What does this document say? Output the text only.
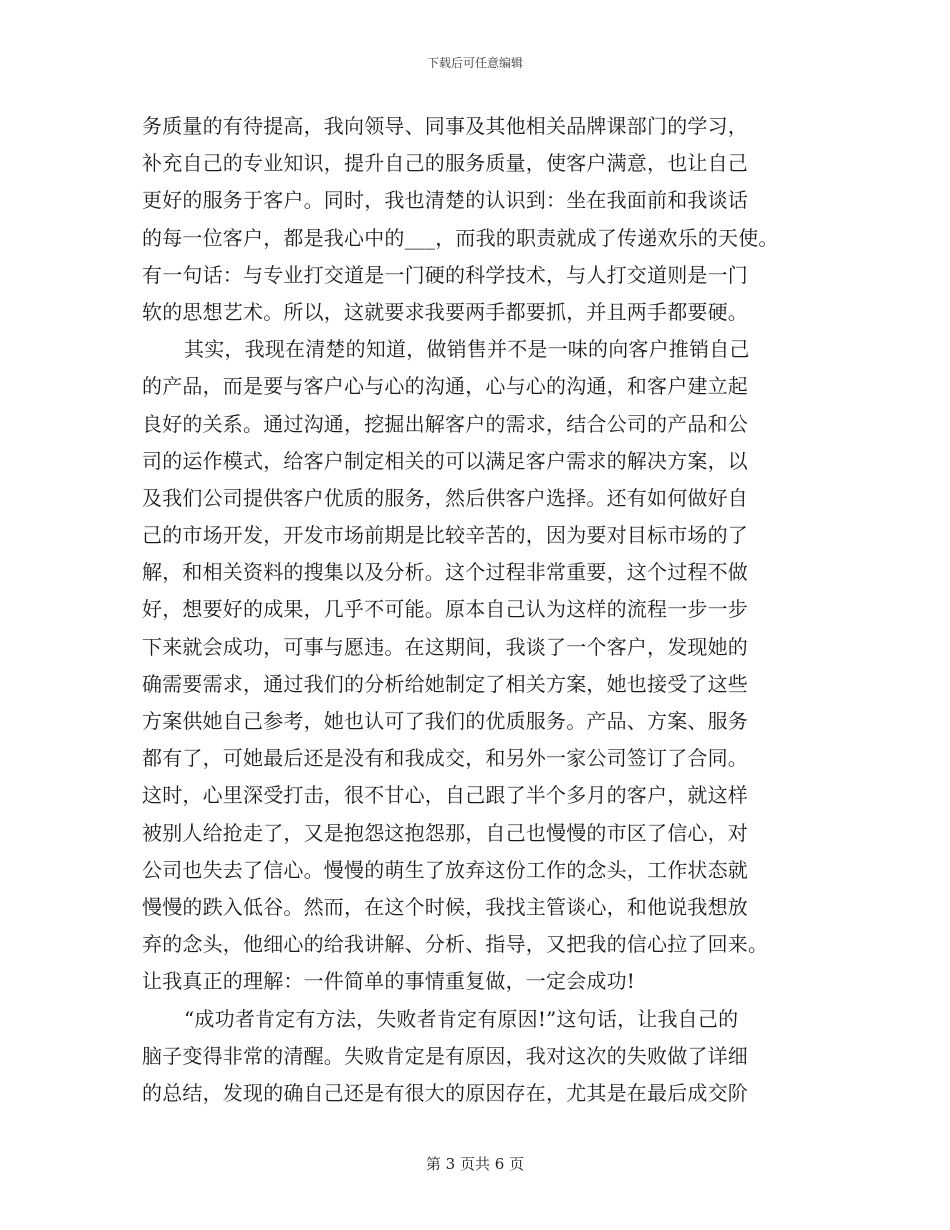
下载后可任意编辑
务质量的有待提高，我向领导、同事及其他相关品牌课部门的学习，
补充自己的专业知识，提升自己的服务质量，使客户满意，也让自己
更好的服务于客户。同时，我也清楚的认识到：坐在我面前和我谈话
的每一位客户，都是我心中的___，而我的职责就成了传递欢乐的天使。
有一句话：与专业打交道是一门硬的科学技术，与人打交道则是一门
软的思想艺术。所以，这就要求我要两手都要抓，并且两手都要硬。
其实，我现在清楚的知道，做销售并不是一味的向客户推销自己
的产品，而是要与客户心与心的沟通，心与心的沟通，和客户建立起
良好的关系。通过沟通，挖掘出解客户的需求，结合公司的产品和公
司的运作模式，给客户制定相关的可以满足客户需求的解决方案，以
及我们公司提供客户优质的服务，然后供客户选择。还有如何做好自
己的市场开发，开发市场前期是比较辛苦的，因为要对目标市场的了
解，和相关资料的搜集以及分析。这个过程非常重要，这个过程不做
好，想要好的成果，几乎不可能。原本自己认为这样的流程一步一步
下来就会成功，可事与愿违。在这期间，我谈了一个客户，发现她的
确需要需求，通过我们的分析给她制定了相关方案，她也接受了这些
方案供她自己参考，她也认可了我们的优质服务。产品、方案、服务
都有了，可她最后还是没有和我成交，和另外一家公司签订了合同。
这时，心里深受打击，很不甘心，自己跟了半个多月的客户，就这样
被别人给抢走了，又是抱怨这抱怨那，自己也慢慢的市区了信心，对
公司也失去了信心。慢慢的萌生了放弃这份工作的念头，工作状态就
慢慢的跌入低谷。然而，在这个时候，我找主管谈心，和他说我想放
弃的念头，他细心的给我讲解、分析、指导，又把我的信心拉了回来。
让我真正的理解：一件简单的事情重复做，一定会成功!
“成功者肯定有方法，失败者肯定有原因!”这句话，让我自己的
脑子变得非常的清醒。失败肯定是有原因，我对这次的失败做了详细
的总结，发现的确自己还是有很大的原因存在，尤其是在最后成交阶
第 3 页共 6 页
